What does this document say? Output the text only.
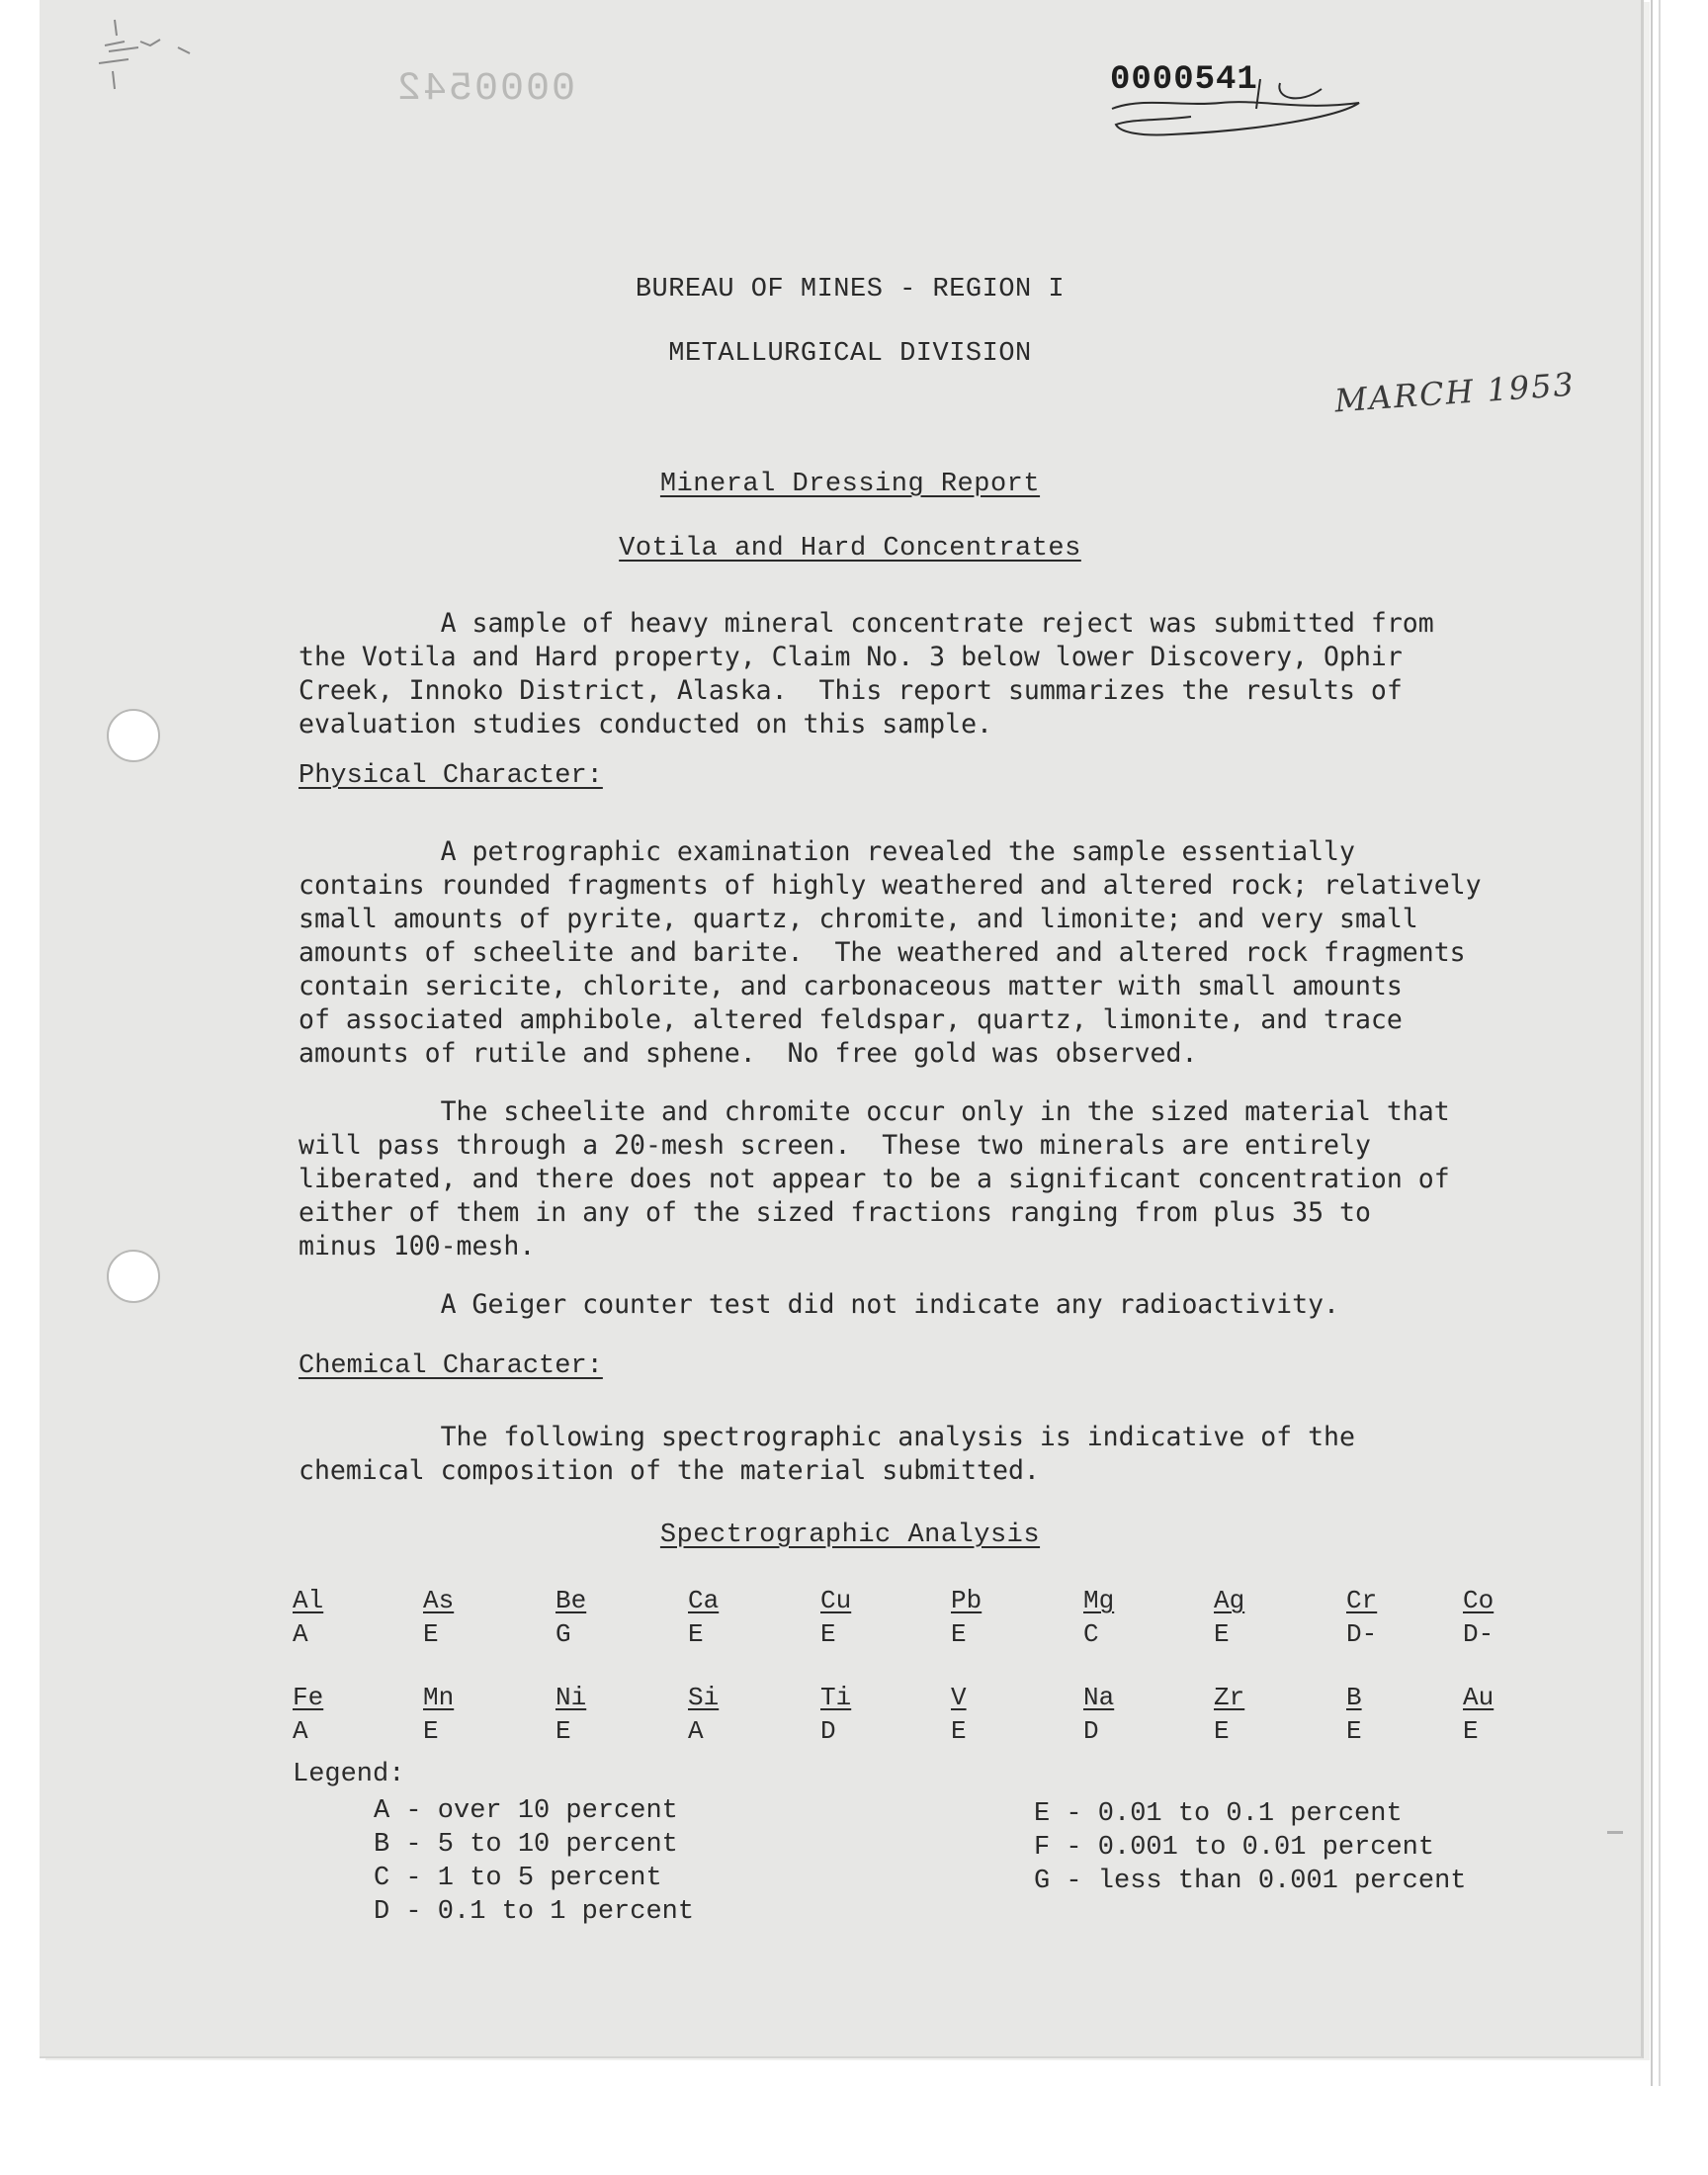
0000542	0000541
BUREAU OF MINES - REGION I
METALLURGICAL DIVISION
MARCH 1953
Mineral Dressing Report
Votila and Hard Concentrates
A sample of heavy mineral concentrate reject was submitted from
the Votila and Hard property, Claim No. 3 below lower Discovery, Ophir
Creek, Innoko District, Alaska.  This report summarizes the results of
evaluation studies conducted on this sample.
Physical Character:
A petrographic examination revealed the sample essentially
contains rounded fragments of highly weathered and altered rock; relatively
small amounts of pyrite, quartz, chromite, and limonite; and very small
amounts of scheelite and barite.  The weathered and altered rock fragments
contain sericite, chlorite, and carbonaceous matter with small amounts
of associated amphibole, altered feldspar, quartz, limonite, and trace
amounts of rutile and sphene.  No free gold was observed.
The scheelite and chromite occur only in the sized material that
will pass through a 20-mesh screen.  These two minerals are entirely
liberated, and there does not appear to be a significant concentration of
either of them in any of the sized fractions ranging from plus 35 to
minus 100-mesh.
A Geiger counter test did not indicate any radioactivity.
Chemical Character:
The following spectrographic analysis is indicative of the
chemical composition of the material submitted.
Spectrographic Analysis
Al
A
As
E
Be
G
Ca
E
Cu
E
Pb
E
Mg
C
Ag
E
Cr
D-
Co
D-
Fe
A
Mn
E
Ni
E
Si
A
Ti
D
V
E
Na
D
Zr
E
B
E
Au
E
Legend:
A - over 10 percent
B - 5 to 10 percent
C - 1 to 5 percent
D - 0.1 to 1 percent
E - 0.01 to 0.1 percent
F - 0.001 to 0.01 percent
G - less than 0.001 percent
